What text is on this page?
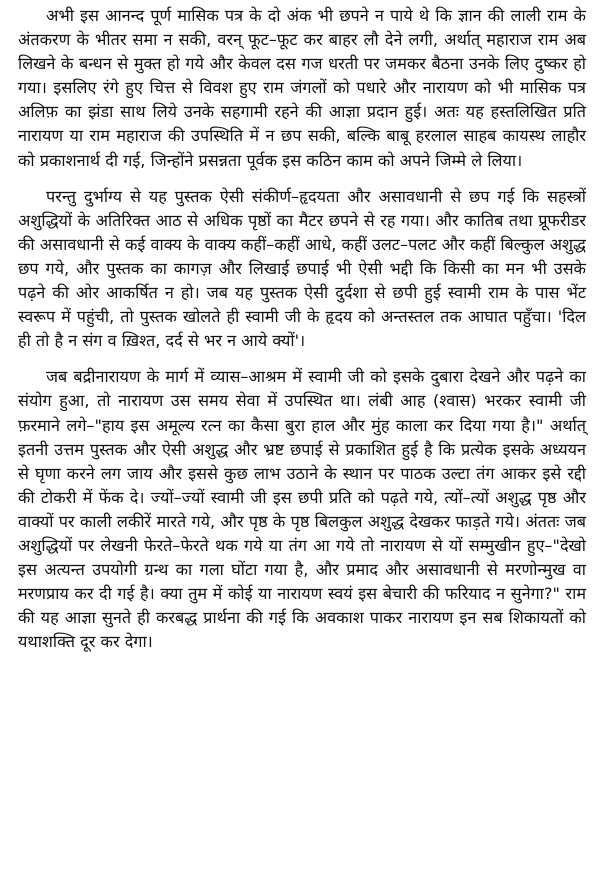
अभी इस आनन्द पूर्ण मासिक पत्र के दो अंक भी छपने न पाये थे कि ज्ञान की लाली राम के अंतकरण के भीतर समा न सकी, वरन् फूट–फूट कर बाहर लौ देने लगी, अर्थात् महाराज राम अब लिखने के बन्धन से मुक्त हो गये और केवल दस गज धरती पर जमकर बैठना उनके लिए दुष्कर हो गया। इसलिए रंगे हुए चित्त से विवश हुए राम जंगलों को पधारे और नारायण को भी मासिक पत्र अलिफ़ का झंडा साथ लिये उनके सहगामी रहने की आज्ञा प्रदान हुई। अतः यह हस्तलिखित प्रति नारायण या राम महाराज की उपस्थिति में न छप सकी, बल्कि बाबू हरलाल साहब कायस्थ लाहौर को प्रकाशनार्थ दी गई, जिन्होंने प्रसन्नता पूर्वक इस कठिन काम को अपने जिम्मे ले लिया।

परन्तु दुर्भाग्य से यह पुस्तक ऐसी संकीर्ण–हृदयता और असावधानी से छप गई कि सहस्त्रों अशुद्धियों के अतिरिक्त आठ से अधिक पृष्ठों का मैटर छपने से रह गया। और कातिब तथा प्रूफरीडर की असावधानी से कई वाक्य के वाक्य कहीं–कहीं आधे, कहीं उलट–पलट और कहीं बिल्कुल अशुद्ध छप गये, और पुस्तक का कागज़ और लिखाई छपाई भी ऐसी भद्दी कि किसी का मन भी उसके पढ़ने की ओर आकर्षित न हो। जब यह पुस्तक ऐसी दुर्दशा से छपी हुई स्वामी राम के पास भेंट स्वरूप में पहुंची, तो पुस्तक खोलते ही स्वामी जी के हृदय को अन्तस्तल तक आघात पहुँचा। 'दिल ही तो है न संग व ख़िश्त, दर्द से भर न आये क्यों'।

जब बद्रीनारायण के मार्ग में व्यास–आश्रम में स्वामी जी को इसके दुबारा देखने और पढ़ने का संयोग हुआ, तो नारायण उस समय सेवा में उपस्थित था। लंबी आह (श्वास) भरकर स्वामी जी फ़रमाने लगे–"हाय इस अमूल्य रत्न का कैसा बुरा हाल और मुंह काला कर दिया गया है।" अर्थात् इतनी उत्तम पुस्तक और ऐसी अशुद्ध और भ्रष्ट छपाई से प्रकाशित हुई है कि प्रत्येक इसके अध्ययन से घृणा करने लग जाय और इससे कुछ लाभ उठाने के स्थान पर पाठक उल्टा तंग आकर इसे रद्दी की टोकरी में फेंक दे। ज्यों–ज्यों स्वामी जी इस छपी प्रति को पढ़ते गये, त्यों–त्यों अशुद्ध पृष्ठ और वाक्यों पर काली लकीरें मारते गये, और पृष्ठ के पृष्ठ बिलकुल अशुद्ध देखकर फाड़ते गये। अंततः जब अशुद्धियों पर लेखनी फेरते–फेरते थक गये या तंग आ गये तो नारायण से यों सम्मुखीन हुए–"देखो इस अत्यन्त उपयोगी ग्रन्थ का गला घोंटा गया है, और प्रमाद और असावधानी से मरणोन्मुख वा मरणप्राय कर दी गई है। क्या तुम में कोई या नारायण स्वयं इस बेचारी की फरियाद न सुनेगा?" राम की यह आज्ञा सुनते ही करबद्ध प्रार्थना की गई कि अवकाश पाकर नारायण इन सब शिकायतों को यथाशक्ति दूर कर देगा।
